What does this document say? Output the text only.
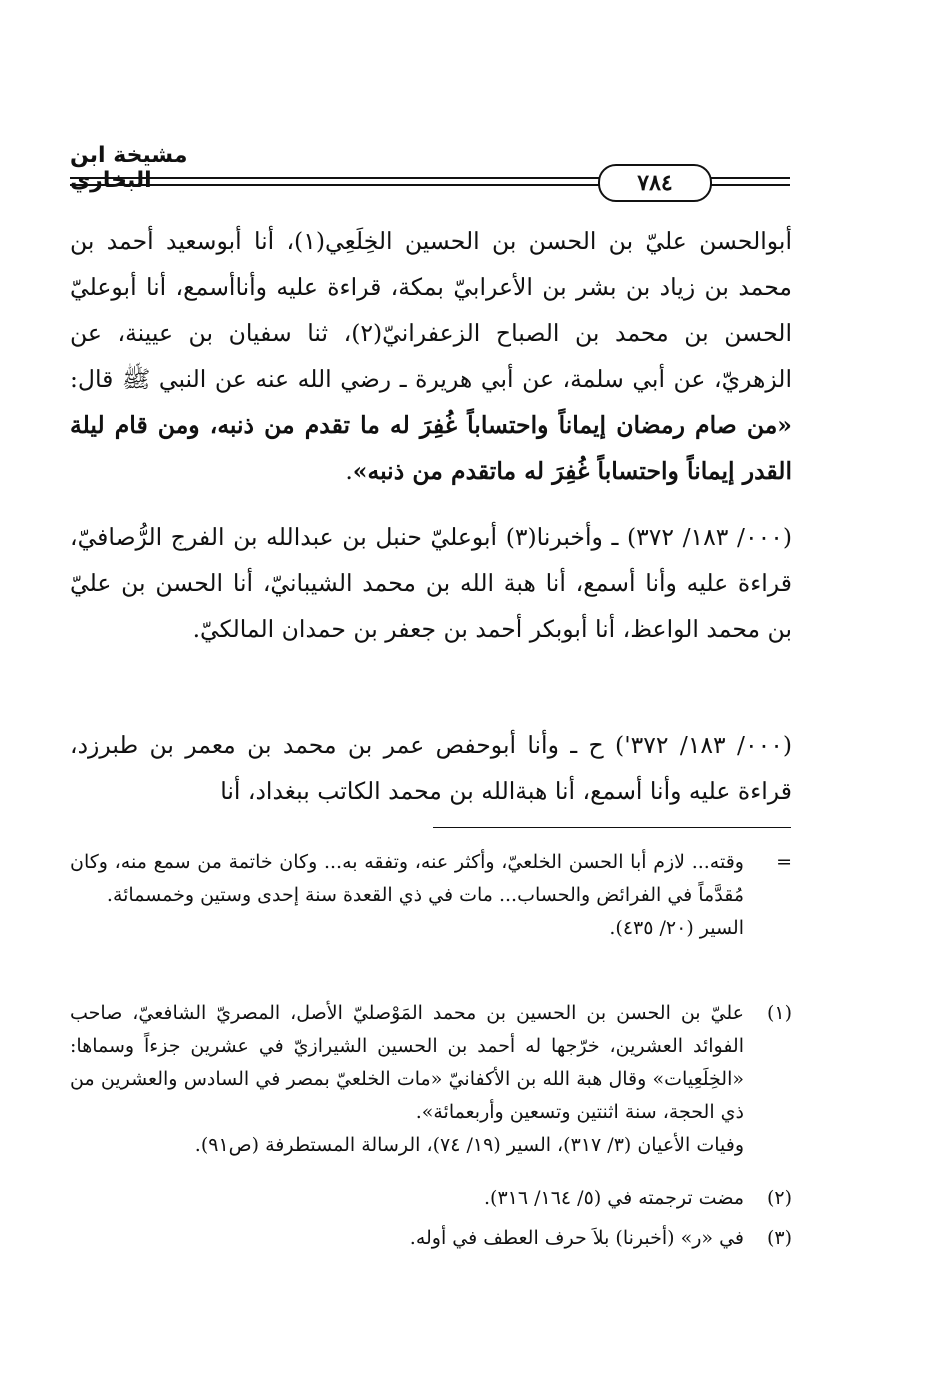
مشيخة ابن البخاري	٧٨٤
أبوالحسن عليّ بن الحسن بن الحسين الخِلَعِي(١)، أنا أبوسعيد أحمد بن محمد بن زياد بن بشر بن الأعرابيّ بمكة، قراءة عليه وأناأسمع، أنا أبوعليّ الحسن بن محمد بن الصباح الزعفرانيّ(٢)، ثنا سفيان بن عيينة، عن الزهريّ، عن أبي سلمة، عن أبي هريرة ـ رضي الله عنه عن النبي ﷺ قال: «من صام رمضان إيماناً واحتساباً غُفِرَ له ما تقدم من ذنبه، ومن قام ليلة القدر إيماناً واحتساباً غُفِرَ له ماتقدم من ذنبه».
(٠٠٠/ ١٨٣/ ٣٧٢) ـ وأخبرنا(٣) أبوعليّ حنبل بن عبدالله بن الفرج الرُّصافيّ، قراءة عليه وأنا أسمع، أنا هبة الله بن محمد الشيبانيّ، أنا الحسن بن عليّ بن محمد الواعظ، أنا أبوبكر أحمد بن جعفر بن حمدان المالكيّ.
(٠٠٠/ ١٨٣/ ٣٧٢') ح ـ وأنا أبوحفص عمر بن محمد بن معمر بن طبرزد، قراءة عليه وأنا أسمع، أنا هبةالله بن محمد الكاتب ببغداد، أنا
=
وقته... لازم أبا الحسن الخلعيّ، وأكثر عنه، وتفقه به... وكان خاتمة من سمع منه، وكان مُقدَّماً في الفرائض والحساب... مات في ذي القعدة سنة إحدى وستين وخمسمائة.
السير (٢٠/ ٤٣٥).
(١)
عليّ بن الحسن بن الحسين بن محمد المَوْصليّ الأصل، المصريّ الشافعيّ، صاحب الفوائد العشرين، خرّجها له أحمد بن الحسين الشيرازيّ في عشرين جزءاً وسماها: «الخِلَعِيات» وقال هبة الله بن الأكفانيّ «مات الخلعيّ بمصر في السادس والعشرين من ذي الحجة، سنة اثنتين وتسعين وأربعمائة».
وفيات الأعيان (٣/ ٣١٧)، السير (١٩/ ٧٤)، الرسالة المستطرفة (ص٩١).
(٢)
مضت ترجمته في (٥/ ١٦٤/ ٣١٦).
(٣)
في «ر» (أخبرنا) بلاَ حرف العطف في أوله.
